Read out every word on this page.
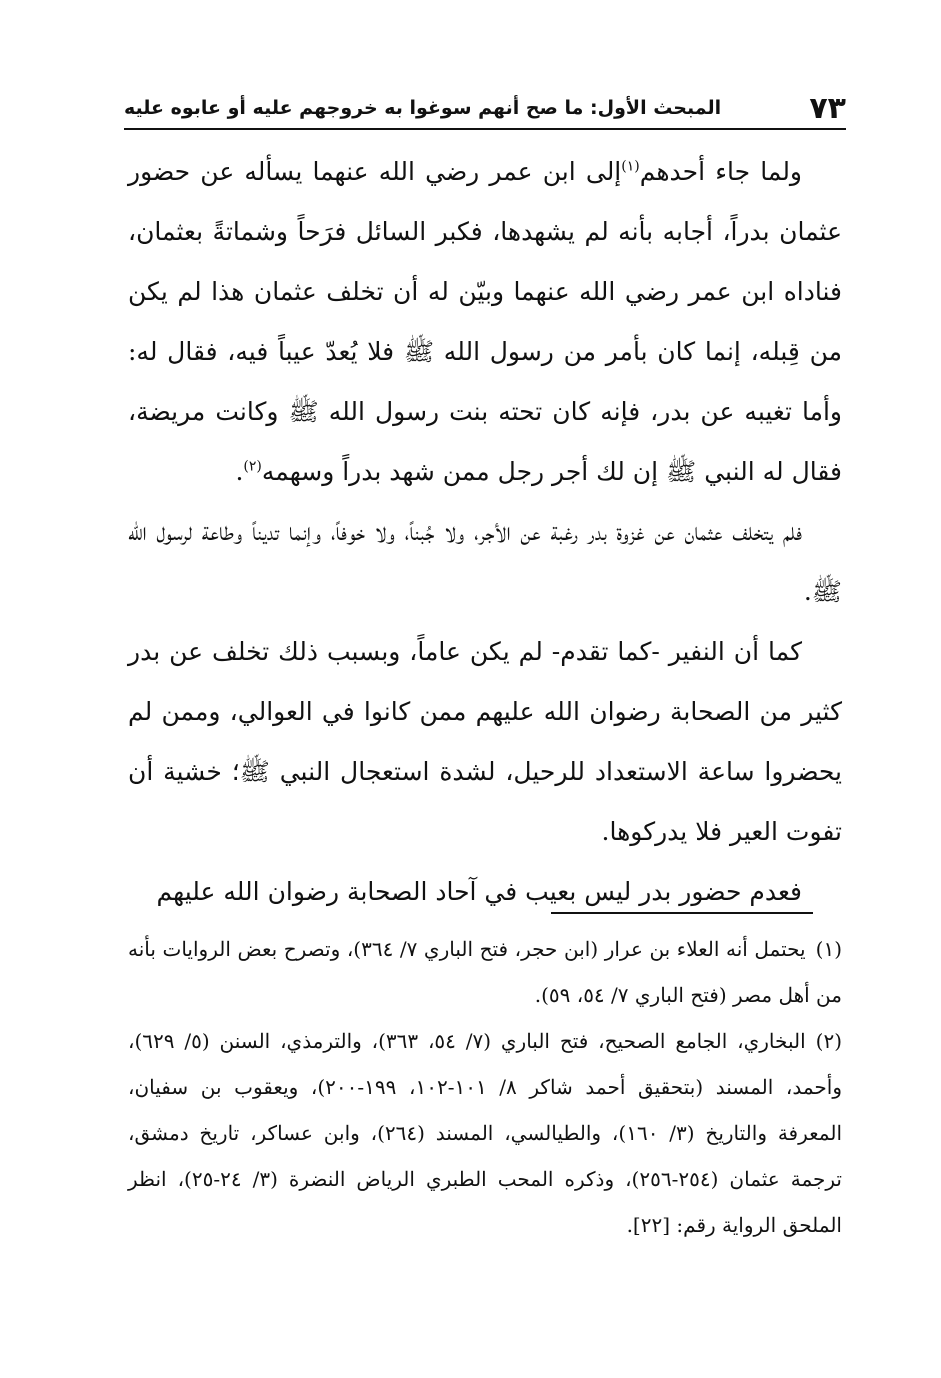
٧٣
المبحث الأول: ما صح أنهم سوغوا به خروجهم عليه أو عابوه عليه

ولما جاء أحدهم$^{(١)}$إلى ابن عمر رضي الله عنهما يسأله عن حضور عثمان بدراً، أجابه بأنه لم يشهدها، فكبر السائل فرَحاً وشماتةً بعثمان، فناداه ابن عمر رضي الله عنهما وبيّن له أن تخلف عثمان هذا لم يكن من قِبله، إنما كان بأمر من رسول الله ﷺ فلا يُعدّ عيباً فيه، فقال له: وأما تغيبه عن بدر، فإنه كان تحته بنت رسول الله ﷺ وكانت مريضة، فقال له النبي ﷺ إن لك أجر رجل ممن شهد بدراً وسهمه$^{(٢)}$.

فلم يتخلف عثمان عن غزوة بدر رغبة عن الأجر، ولا جُبناً، ولا خوفاً، وإنما تديناً وطاعة لرسول الله ﷺ.

كما أن النفير -كما تقدم- لم يكن عاماً، وبسبب ذلك تخلف عن بدر كثير من الصحابة رضوان الله عليهم ممن كانوا في العوالي، وممن لم يحضروا ساعة الاستعداد للرحيل، لشدة استعجال النبي ﷺ؛ خشية أن تفوت العير فلا يدركوها.

فعدم حضور بدر ليس بعيب في آحاد الصحابة رضوان الله عليهم

(١)يحتمل أنه العلاء بن عرار (ابن حجر، فتح الباري ٧/ ٣٦٤)، وتصرح بعض الروايات بأنه من أهل مصر (فتح الباري ٧/ ٥٤، ٥٩).

(٢)البخاري، الجامع الصحيح، فتح الباري (٧/ ٥٤، ٣٦٣)، والترمذي، السنن (٥/ ٦٢٩)، وأحمد، المسند (بتحقيق أحمد شاكر ٨/ ١٠١-١٠٢، ١٩٩-٢٠٠)، ويعقوب بن سفيان، المعرفة والتاريخ (٣/ ١٦٠)، والطيالسي، المسند (٢٦٤)، وابن عساكر، تاريخ دمشق، ترجمة عثمان (٢٥٤-٢٥٦)، وذكره المحب الطبري الرياض النضرة (٣/ ٢٤-٢٥)، انظر الملحق الرواية رقم: [٢٢].
